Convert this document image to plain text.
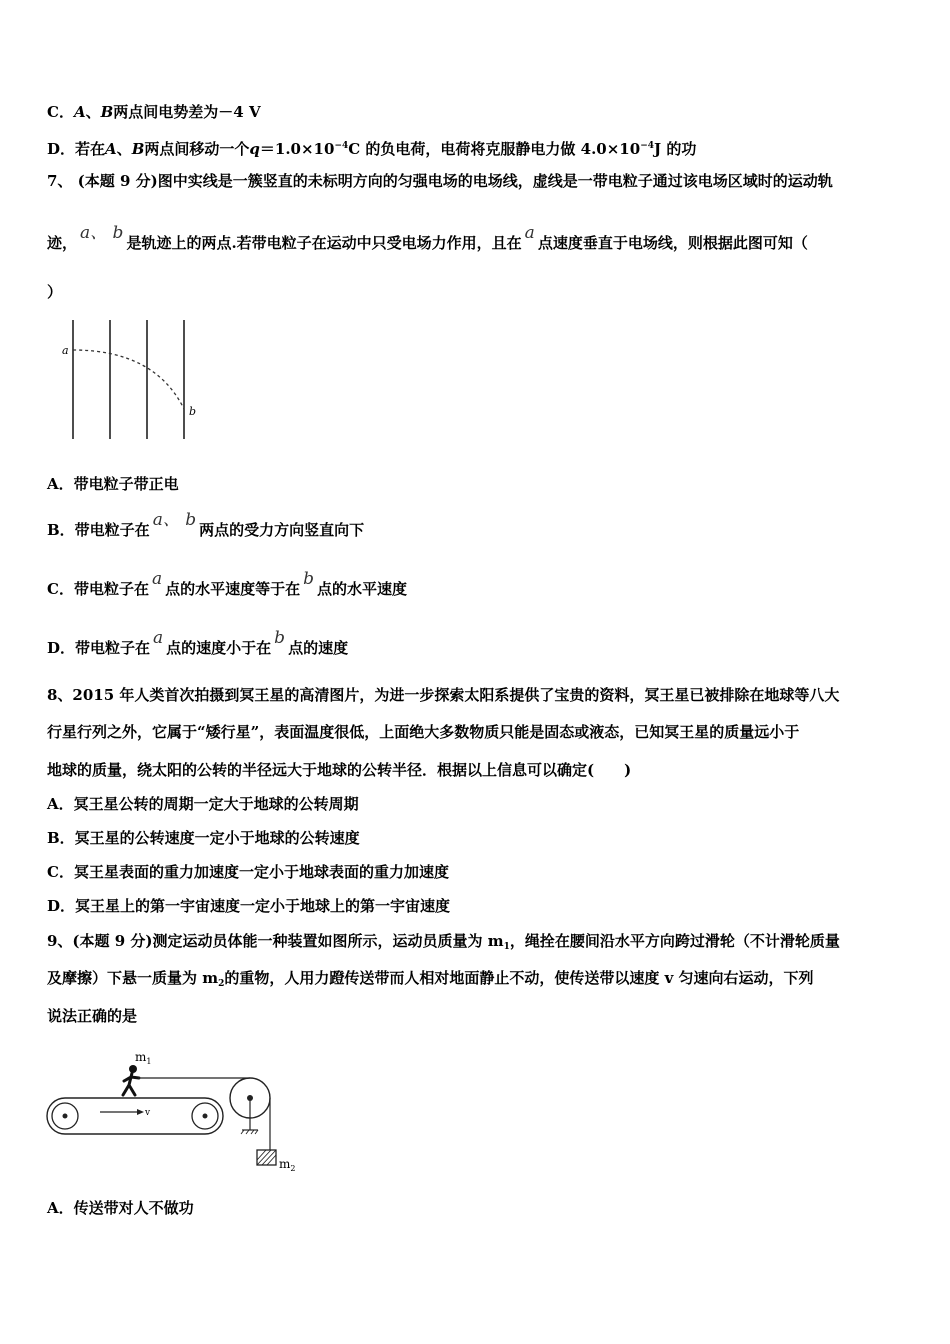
C．A、B两点间电势差为－4 V
D．若在A、B两点间移动一个$q=1.0\times 10^{-4}C$ 的负电荷，电荷将克服静电力做 $4.0\times 10^{-4}J$ 的功
7、 (本题 9 分)图中实线是一簇竖直的未标明方向的匀强电场的电场线，虚线是一带电粒子通过该电场区域时的运动轨
迹， a、 b 是轨迹上的两点.若带电粒子在运动中只受电场力作用，且在 a 点速度垂直于电场线，则根据此图可知（
）
a
b
A．带电粒子带正电
B．带电粒子在 a、 b 两点的受力方向竖直向下
C．带电粒子在 a 点的水平速度等于在 b 点的水平速度
D．带电粒子在 a 点的速度小于在 b 点的速度
8、2015 年人类首次拍摄到冥王星的高清图片，为进一步探索太阳系提供了宝贵的资料，冥王星已被排除在地球等八大
行星行列之外，它属于“矮行星”，表面温度很低，上面绝大多数物质只能是固态或液态，已知冥王星的质量远小于
地球的质量，绕太阳的公转的半径远大于地球的公转半径．根据以上信息可以确定(　　)
A．冥王星公转的周期一定大于地球的公转周期
B．冥王星的公转速度一定小于地球的公转速度
C．冥王星表面的重力加速度一定小于地球表面的重力加速度
D．冥王星上的第一宇宙速度一定小于地球上的第一宇宙速度
9、(本题 9 分)测定运动员体能一种装置如图所示，运动员质量为 $m_1$，绳拴在腰间沿水平方向跨过滑轮（不计滑轮质量
及摩擦）下悬一质量为 $m_2$的重物，人用力蹬传送带而人相对地面静止不动，使传送带以速度 v 匀速向右运动，下列
说法正确的是
v
$m_1$
$m_2$
A．传送带对人不做功
